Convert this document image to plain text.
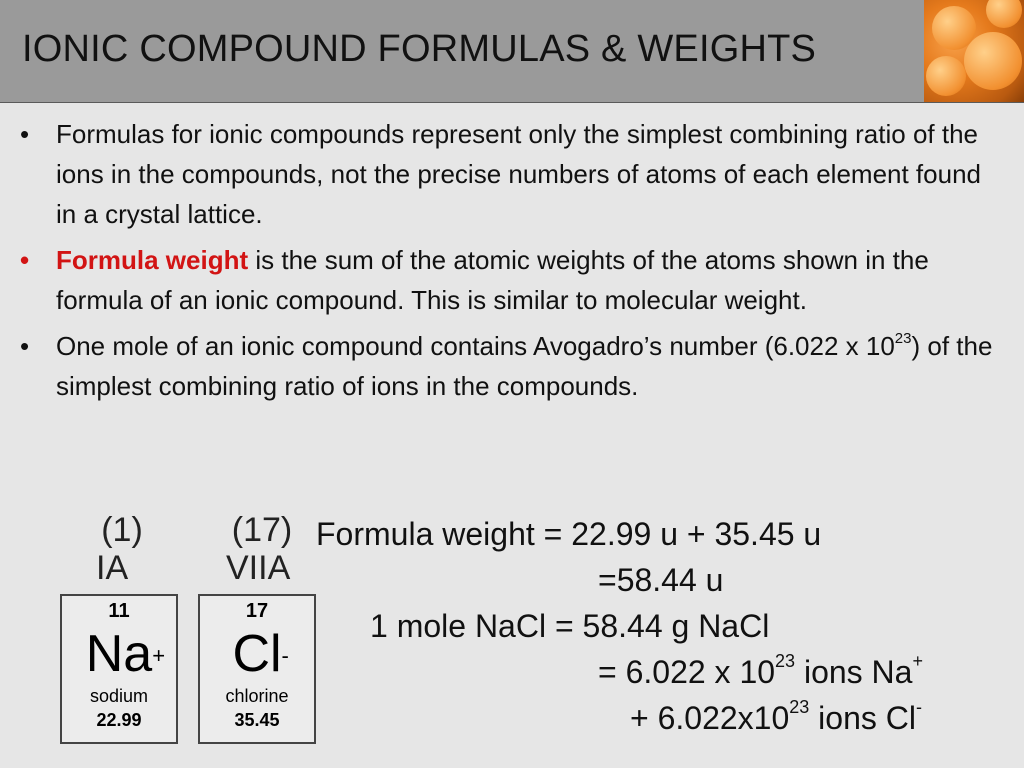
IONIC COMPOUND FORMULAS & WEIGHTS
• Formulas for ionic compounds represent only the simplest combining ratio of the ions in the compounds, not the precise numbers of atoms of each element found in a crystal lattice.
• Formula weight is the sum of the atomic weights of the atoms shown in the formula of an ionic compound. This is similar to molecular weight.
• One mole of an ionic compound contains Avogadro’s number (6.022 x $10^{23}$) of the simplest combining ratio of ions in the compounds.
(1)
IA
(17)
VIIA
11
Na +
sodium
22.99
17
Cl -
chlorine
35.45
Formula weight = 22.99 u + 35.45 u
=58.44 u
1 mole NaCl = 58.44 g NaCl
= 6.022 x $10^{23}$ ions Na+
+ $6.022x10^{23}$ ions Cl-
